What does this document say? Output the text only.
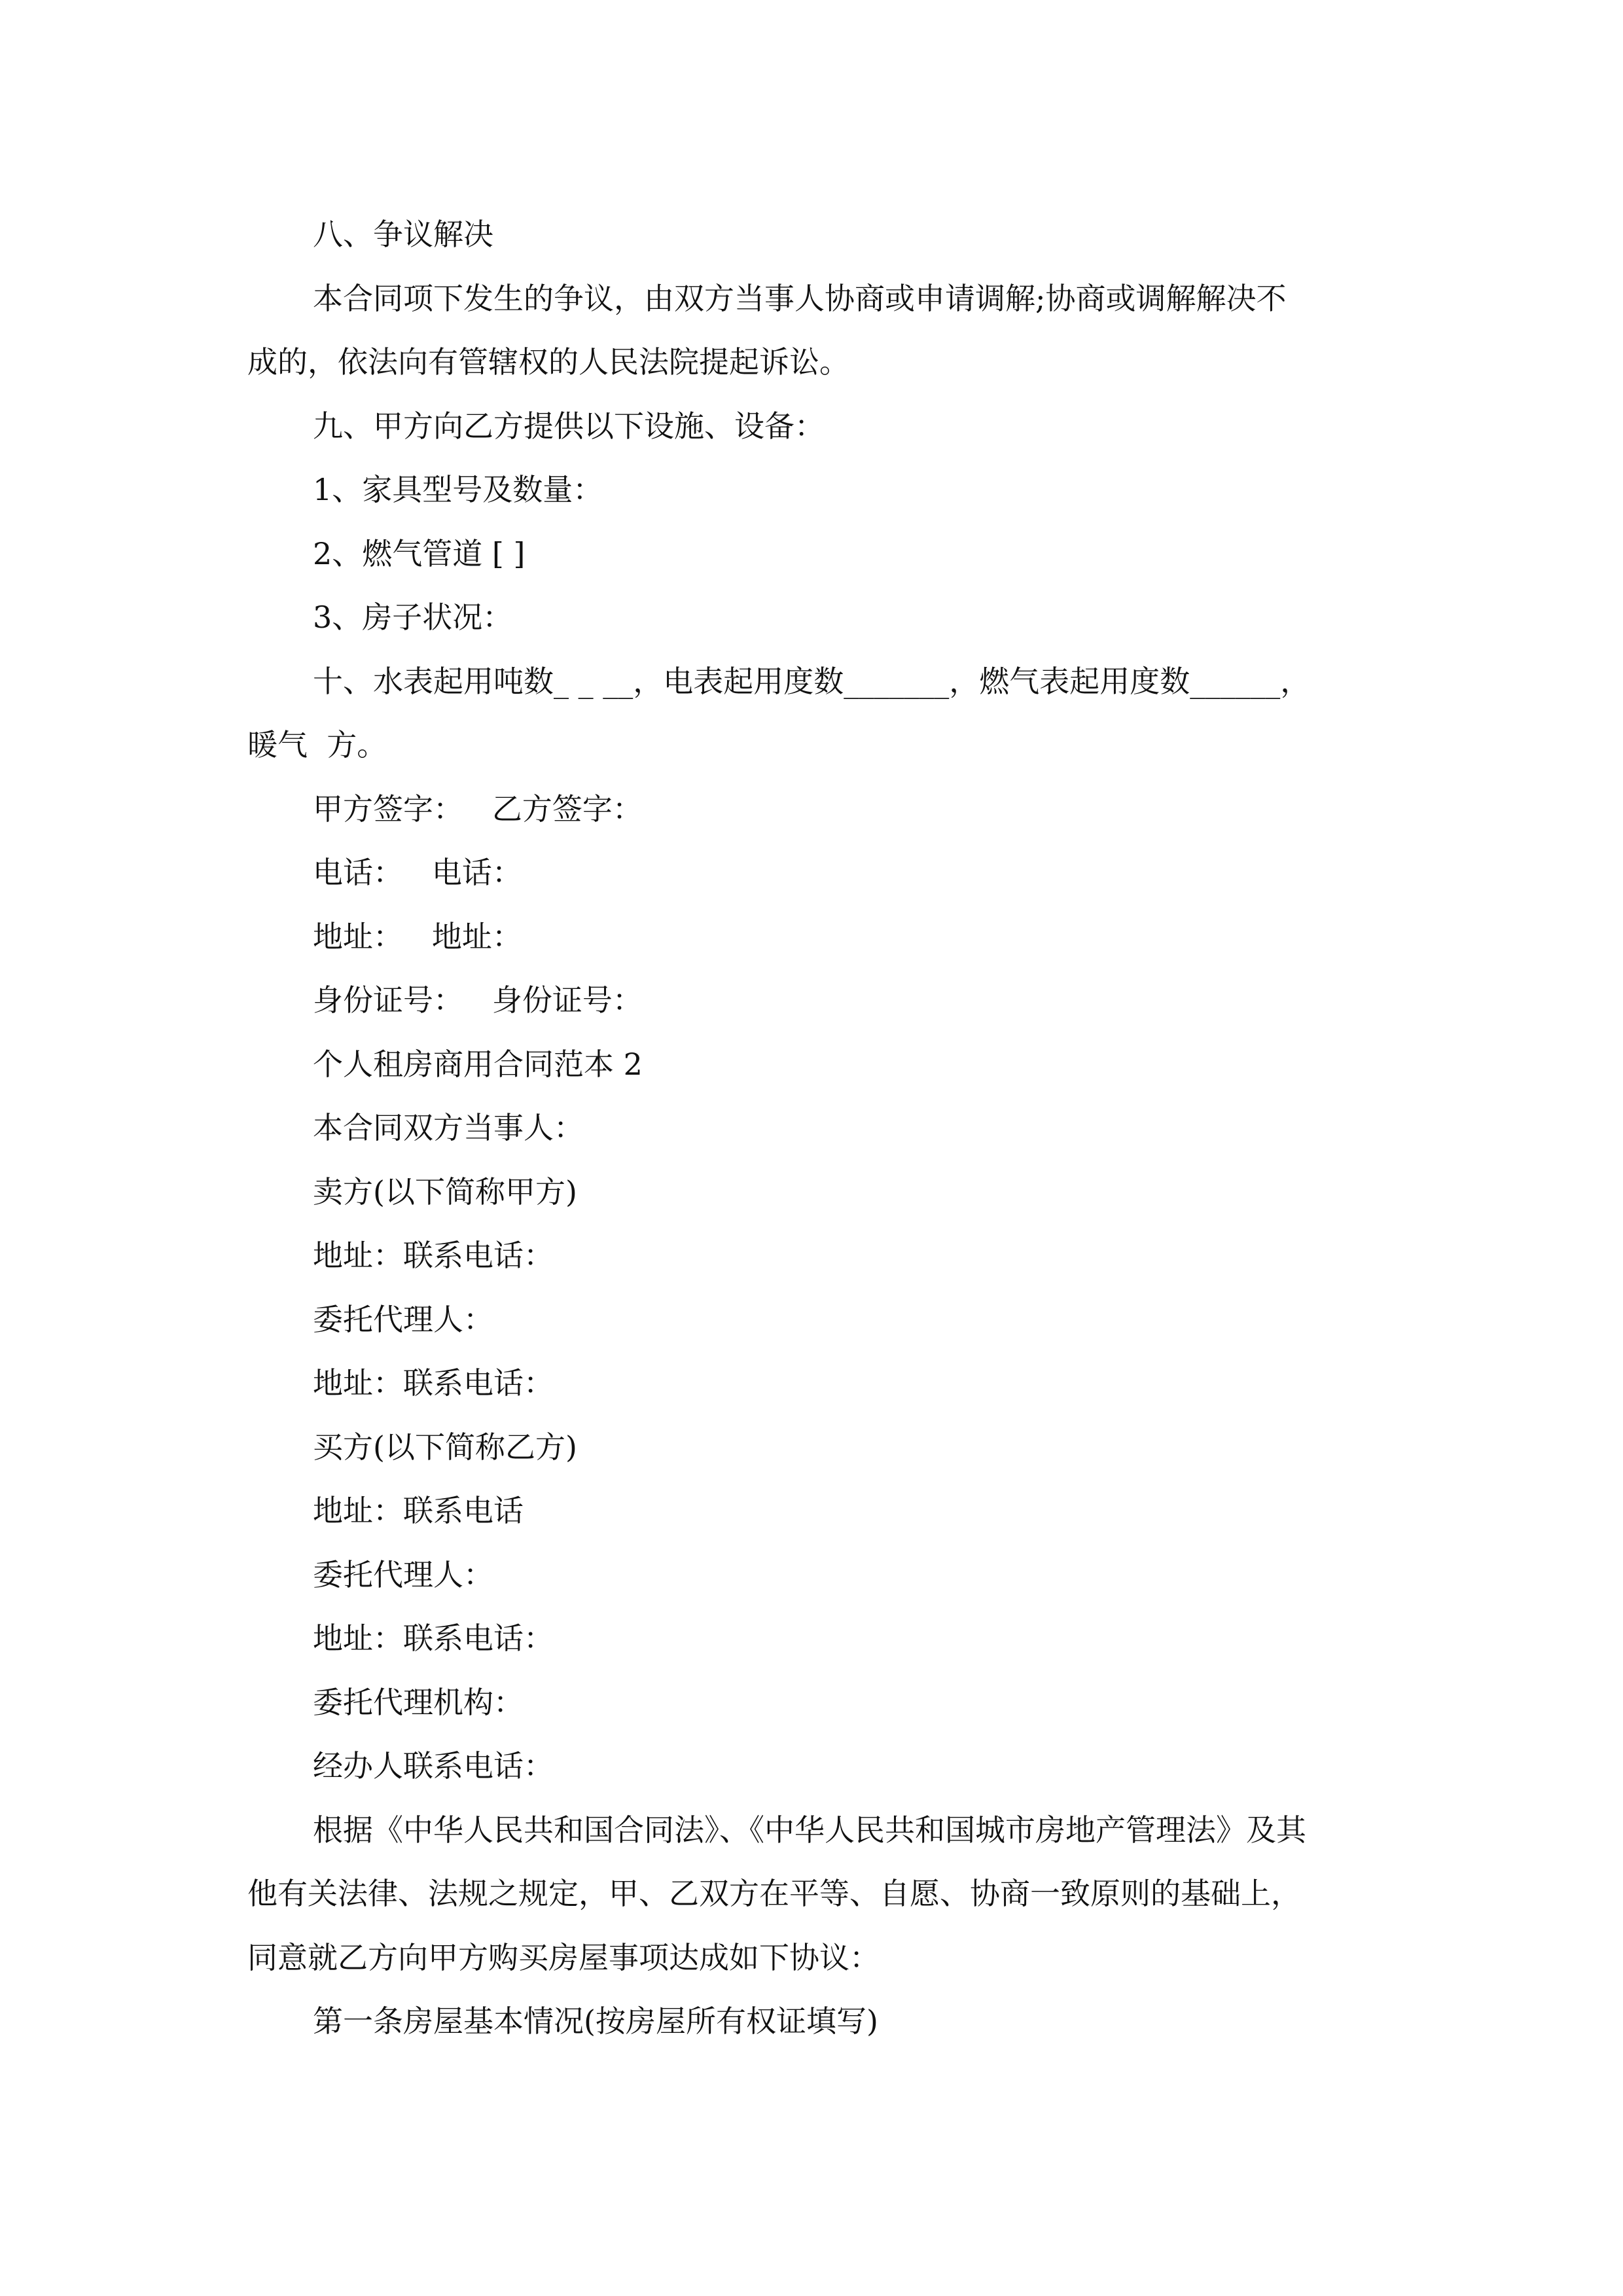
八、争议解决

本合同项下发生的争议，由双方当事人协商或申请调解;协商或调解解决不

成的，依法向有管辖权的人民法院提起诉讼。

九、甲方向乙方提供以下设施、设备：

1、家具型号及数量：

2、燃气管道 [ ]

3、房子状况：

十、水表起用吨数_ _ __，电表起用度数_______，燃气表起用度数______，

暖气  方。

甲方签字：   乙方签字：

电话：   电话：

地址：   地址：

身份证号：   身份证号：

个人租房商用合同范本 2

本合同双方当事人：

卖方(以下简称甲方)

地址：联系电话：

委托代理人：

地址：联系电话：

买方(以下简称乙方)

地址：联系电话

委托代理人：

地址：联系电话：

委托代理机构：

经办人联系电话：

根据《中华人民共和国合同法》、《中华人民共和国城市房地产管理法》及其

他有关法律、法规之规定，甲、乙双方在平等、自愿、协商一致原则的基础上，

同意就乙方向甲方购买房屋事项达成如下协议：

第一条房屋基本情况(按房屋所有权证填写)
